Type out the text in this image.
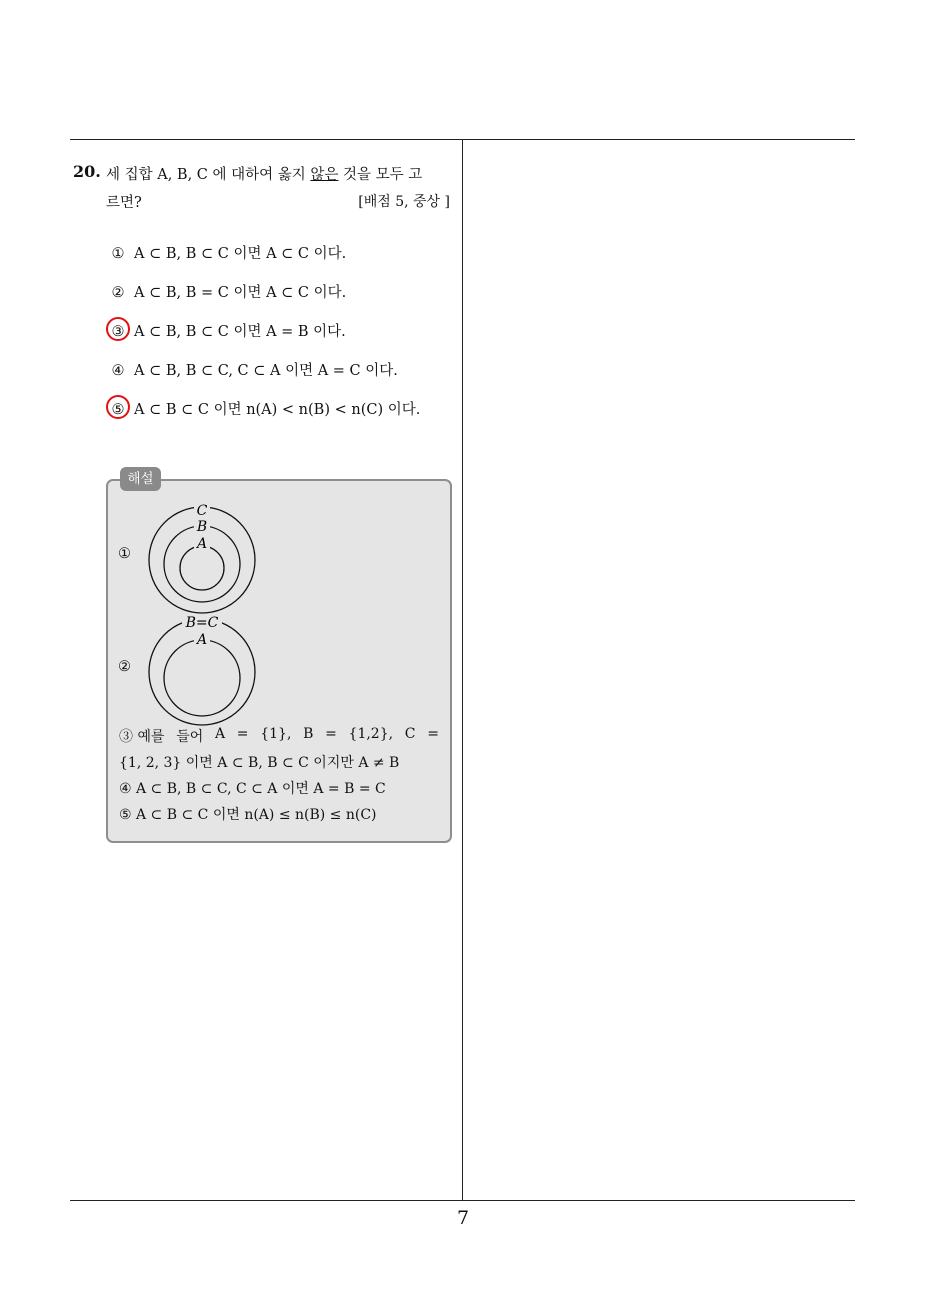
20. 세 집합 A, B, C 에 대하여 옳지 않은 것을 모두 고
르면?	[배점 5, 중상 ]
① A ⊂ B, B ⊂ C 이면 A ⊂ C 이다.
② A ⊂ B, B = C 이면 A ⊂ C 이다.
③ A ⊂ B, B ⊂ C 이면 A = B 이다.
④ A ⊂ B, B ⊂ C, C ⊂ A 이면 A = C 이다.
⑤ A ⊂ B ⊂ C 이면 n(A) < n(B) < n(C) 이다.
해설
①
C
B
A
②
B=C
A
③ 예를 들어 A = {1}, B = {1,2}, C =
{1, 2, 3} 이면 A ⊂ B, B ⊂ C 이지만 A ≠ B
④ A ⊂ B, B ⊂ C, C ⊂ A 이면 A = B = C
⑤ A ⊂ B ⊂ C 이면 n(A) ≤ n(B) ≤ n(C)
7
